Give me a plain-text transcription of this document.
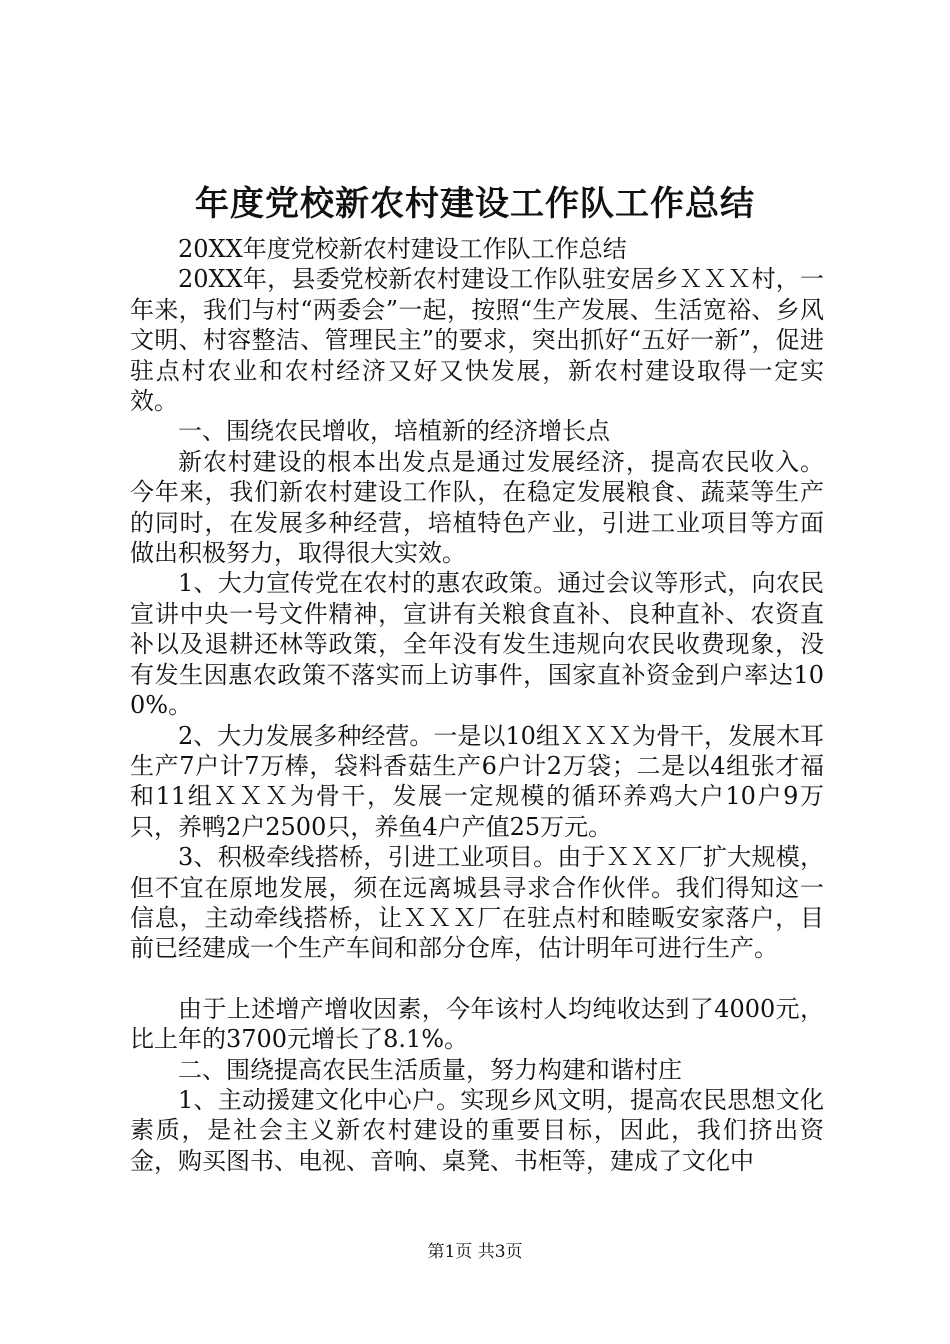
年度党校新农村建设工作队工作总结

20XX年度党校新农村建设工作队工作总结

20XX年，县委党校新农村建设工作队驻安居乡ＸＸＸ村，一年来，我们与村“两委会”一起，按照“生产发展、生活宽裕、乡风文明、村容整洁、管理民主”的要求，突出抓好“五好一新”，促进驻点村农业和农村经济又好又快发展，新农村建设取得一定实效。

一、围绕农民增收，培植新的经济增长点

新农村建设的根本出发点是通过发展经济，提高农民收入。今年来，我们新农村建设工作队，在稳定发展粮食、蔬菜等生产的同时，在发展多种经营，培植特色产业，引进工业项目等方面做出积极努力，取得很大实效。

1、大力宣传党在农村的惠农政策。通过会议等形式，向农民宣讲中央一号文件精神，宣讲有关粮食直补、良种直补、农资直补以及退耕还林等政策，全年没有发生违规向农民收费现象，没有发生因惠农政策不落实而上访事件，国家直补资金到户率达100%。

2、大力发展多种经营。一是以10组ＸＸＸ为骨干，发展木耳生产7户计7万棒，袋料香菇生产6户计2万袋；二是以4组张才福和11组ＸＸＸ为骨干，发展一定规模的循环养鸡大户10户9万只，养鸭2户2500只，养鱼4户产值25万元。

3、积极牵线搭桥，引进工业项目。由于ＸＸＸ厂扩大规模，但不宜在原地发展，须在远离城县寻求合作伙伴。我们得知这一信息，主动牵线搭桥，让ＸＸＸ厂在驻点村和睦畈安家落户，目前已经建成一个生产车间和部分仓库，估计明年可进行生产。

由于上述增产增收因素，今年该村人均纯收达到了4000元，比上年的3700元增长了8.1%。

二、围绕提高农民生活质量，努力构建和谐村庄

1、主动援建文化中心户。实现乡风文明，提高农民思想文化素质，是社会主义新农村建设的重要目标，因此，我们挤出资金，购买图书、电视、音响、桌凳、书柜等，建成了文化中

第1页 共3页
